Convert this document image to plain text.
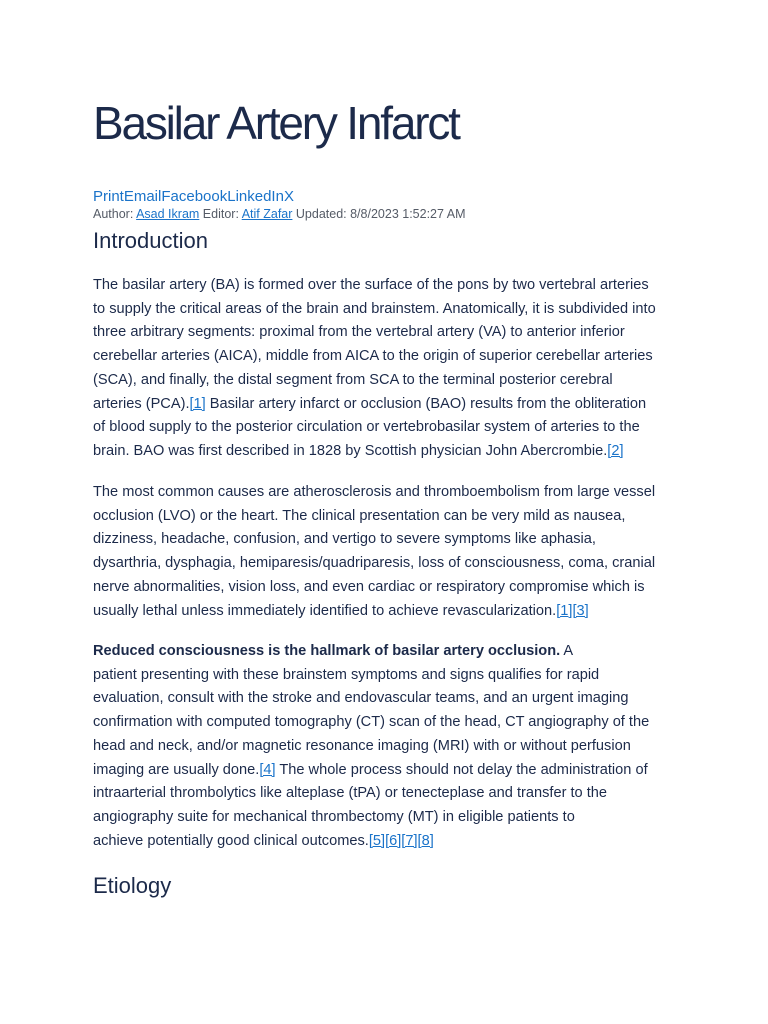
Basilar Artery Infarct
PrintEmailFacebookLinkedInX
Author: Asad Ikram Editor: Atif Zafar Updated: 8/8/2023 1:52:27 AM
Introduction

The basilar artery (BA) is formed over the surface of the pons by two vertebral arteries
to supply the critical areas of the brain and brainstem. Anatomically, it is subdivided into
three arbitrary segments: proximal from the vertebral artery (VA) to anterior inferior
cerebellar arteries (AICA), middle from AICA to the origin of superior cerebellar arteries
(SCA), and finally, the distal segment from SCA to the terminal posterior cerebral
arteries (PCA).[1] Basilar artery infarct or occlusion (BAO) results from the obliteration
of blood supply to the posterior circulation or vertebrobasilar system of arteries to the
brain. BAO was first described in 1828 by Scottish physician John Abercrombie.[2]

The most common causes are atherosclerosis and thromboembolism from large vessel
occlusion (LVO) or the heart. The clinical presentation can be very mild as nausea,
dizziness, headache, confusion, and vertigo to severe symptoms like aphasia,
dysarthria, dysphagia, hemiparesis/quadriparesis, loss of consciousness, coma, cranial
nerve abnormalities, vision loss, and even cardiac or respiratory compromise which is
usually lethal unless immediately identified to achieve revascularization.[1][3]

Reduced consciousness is the hallmark of basilar artery occlusion. A
patient presenting with these brainstem symptoms and signs qualifies for rapid
evaluation, consult with the stroke and endovascular teams, and an urgent imaging
confirmation with computed tomography (CT) scan of the head, CT angiography of the
head and neck, and/or magnetic resonance imaging (MRI) with or without perfusion
imaging are usually done.[4] The whole process should not delay the administration of
intraarterial thrombolytics like alteplase (tPA) or tenecteplase and transfer to the
angiography suite for mechanical thrombectomy (MT) in eligible patients to
achieve potentially good clinical outcomes.[5][6][7][8]

Etiology
